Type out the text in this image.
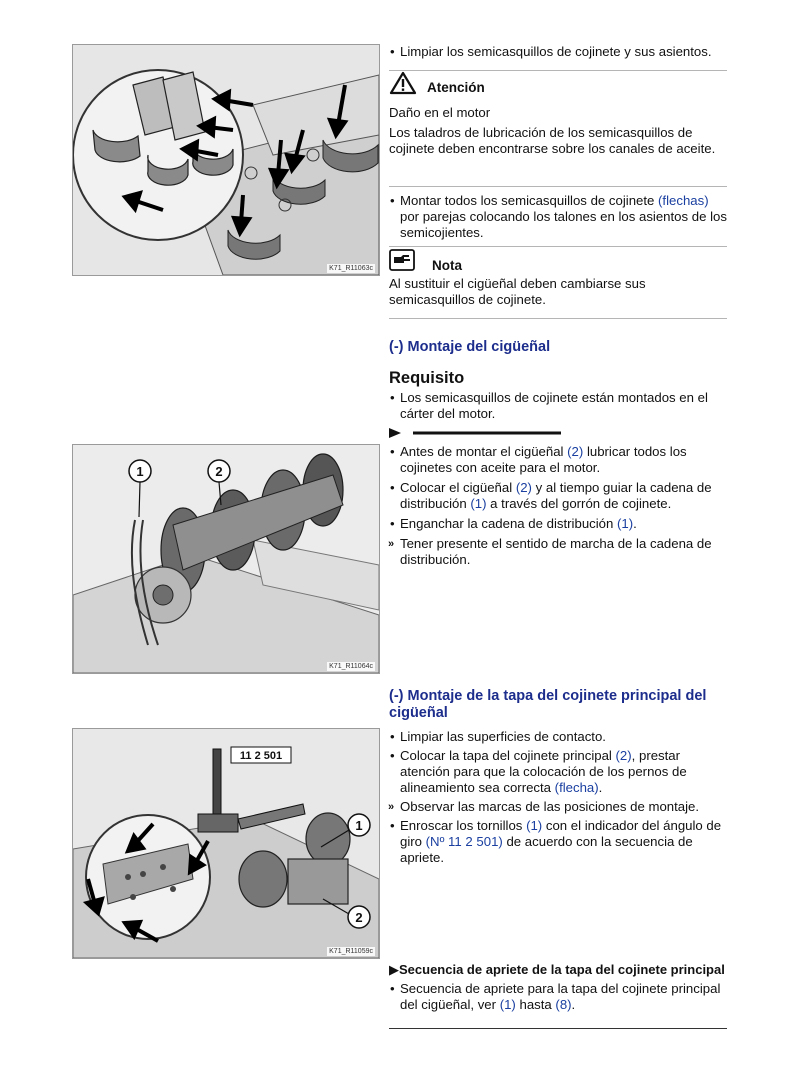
K71_R11063c
1	2
K71_R11064c
11 2 501
1
2
K71_R11059c

• Limpiar los semicasquillos de cojinete y sus asientos.

Atención

Daño en el motor

Los taladros de lubricación de los semicasquillos de cojinete deben encontrarse sobre los canales de aceite.

• Montar todos los semicasquillos de cojinete (flechas) por parejas colocando los talones en los asientos de los semicojientes.

Nota

Al sustituir el cigüeñal deben cambiarse sus semicasquillos de cojinete.

(-) Montaje del cigüeñal

Requisito

• Los semicasquillos de cojinete están montados en el cárter del motor.

• Antes de montar el cigüeñal (2) lubricar todos los cojinetes con aceite para el motor.

• Colocar el cigüeñal (2) y al tiempo guiar la cadena de distribución (1) a través del gorrón de cojinete.

• Enganchar la cadena de distribución (1).

» Tener presente el sentido de marcha de la cadena de distribución.

(-) Montaje de la tapa del cojinete principal del cigüeñal

• Limpiar las superficies de contacto.

• Colocar la tapa del cojinete principal (2), prestar atención para que la colocación de los pernos de alineamiento sea correcta (flecha).

» Observar las marcas de las posiciones de montaje.

• Enroscar los tornillos (1) con el indicador del ángulo de giro (Nº 11 2 501) de acuerdo con la secuencia de apriete.

▶Secuencia de apriete de la tapa del cojinete principal

• Secuencia de apriete para la tapa del cojinete principal del cigüeñal, ver (1) hasta (8).
